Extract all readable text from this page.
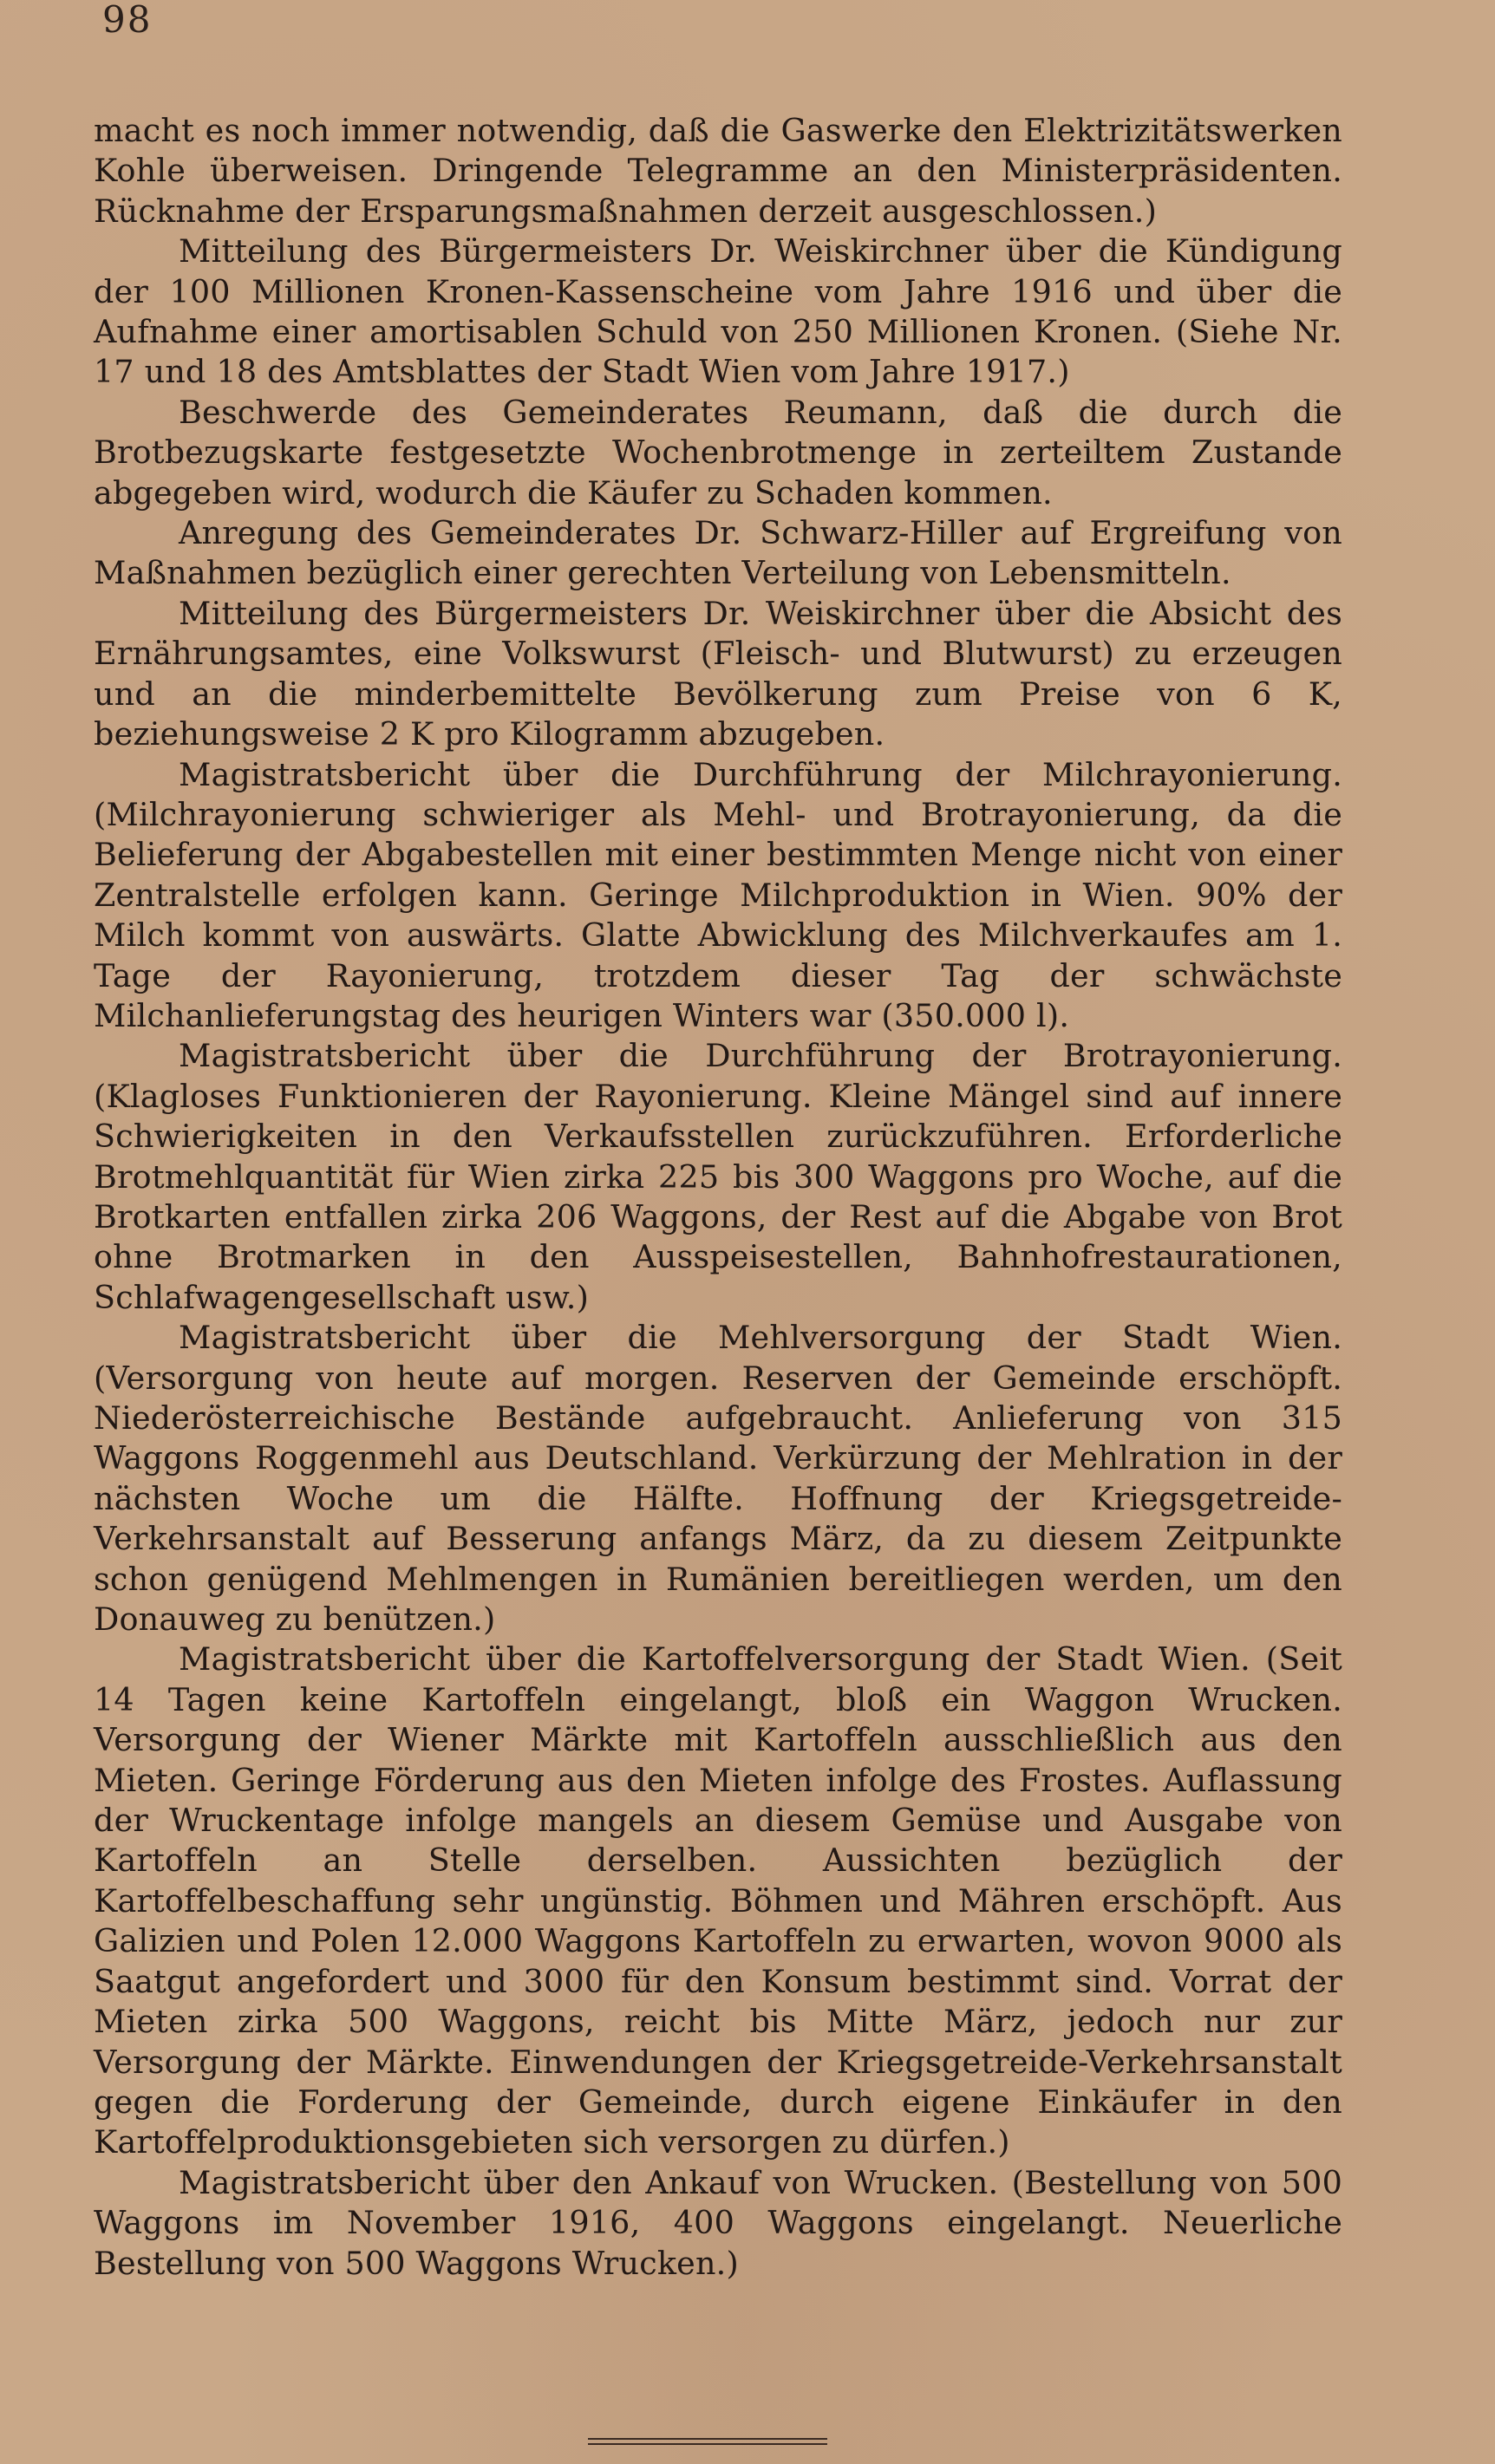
98

macht es noch immer notwendig, daß die Gaswerke den Elektrizitätswerken Kohle überweisen. Dringende Telegramme an den Ministerpräsidenten. Rücknahme der Ersparungsmaßnahmen derzeit ausgeschlossen.)

Mitteilung des Bürgermeisters Dr. Weiskirchner über die Kündigung der 100 Millionen Kronen-Kassenscheine vom Jahre 1916 und über die Aufnahme einer amortisablen Schuld von 250 Millionen Kronen. (Siehe Nr. 17 und 18 des Amtsblattes der Stadt Wien vom Jahre 1917.)

Beschwerde des Gemeinderates Reumann, daß die durch die Brotbezugskarte festgesetzte Wochenbrotmenge in zerteiltem Zustande abgegeben wird, wodurch die Käufer zu Schaden kommen.

Anregung des Gemeinderates Dr. Schwarz-Hiller auf Ergreifung von Maßnahmen bezüglich einer gerechten Verteilung von Lebensmitteln.

Mitteilung des Bürgermeisters Dr. Weiskirchner über die Absicht des Ernährungsamtes, eine Volkswurst (Fleisch- und Blutwurst) zu erzeugen und an die minderbemittelte Bevölkerung zum Preise von 6 K, beziehungsweise 2 K pro Kilogramm abzugeben.

Magistratsbericht über die Durchführung der Milchrayonierung. (Milchrayonierung schwieriger als Mehl- und Brotrayonierung, da die Belieferung der Abgabestellen mit einer bestimmten Menge nicht von einer Zentralstelle erfolgen kann. Geringe Milchproduktion in Wien. 90% der Milch kommt von auswärts. Glatte Abwicklung des Milchverkaufes am 1. Tage der Rayonierung, trotzdem dieser Tag der schwächste Milchanlieferungstag des heurigen Winters war (350.000 l).

Magistratsbericht über die Durchführung der Brotrayonierung. (Klagloses Funktionieren der Rayonierung. Kleine Mängel sind auf innere Schwierigkeiten in den Verkaufsstellen zurückzuführen. Erforderliche Brotmehlquantität für Wien zirka 225 bis 300 Waggons pro Woche, auf die Brotkarten entfallen zirka 206 Waggons, der Rest auf die Abgabe von Brot ohne Brotmarken in den Ausspeisestellen, Bahnhofrestaurationen, Schlafwagengesellschaft usw.)

Magistratsbericht über die Mehlversorgung der Stadt Wien. (Versorgung von heute auf morgen. Reserven der Gemeinde erschöpft. Niederösterreichische Bestände aufgebraucht. Anlieferung von 315 Waggons Roggenmehl aus Deutschland. Verkürzung der Mehlration in der nächsten Woche um die Hälfte. Hoffnung der Kriegsgetreide-Verkehrsanstalt auf Besserung anfangs März, da zu diesem Zeitpunkte schon genügend Mehlmengen in Rumänien bereitliegen werden, um den Donauweg zu benützen.)

Magistratsbericht über die Kartoffelversorgung der Stadt Wien. (Seit 14 Tagen keine Kartoffeln eingelangt, bloß ein Waggon Wrucken. Versorgung der Wiener Märkte mit Kartoffeln ausschließlich aus den Mieten. Geringe Förderung aus den Mieten infolge des Frostes. Auflassung der Wruckentage infolge mangels an diesem Gemüse und Ausgabe von Kartoffeln an Stelle derselben. Aussichten bezüglich der Kartoffelbeschaffung sehr ungünstig. Böhmen und Mähren erschöpft. Aus Galizien und Polen 12.000 Waggons Kartoffeln zu erwarten, wovon 9000 als Saatgut angefordert und 3000 für den Konsum bestimmt sind. Vorrat der Mieten zirka 500 Waggons, reicht bis Mitte März, jedoch nur zur Versorgung der Märkte. Einwendungen der Kriegsgetreide-Verkehrsanstalt gegen die Forderung der Gemeinde, durch eigene Einkäufer in den Kartoffelproduktionsgebieten sich versorgen zu dürfen.)

Magistratsbericht über den Ankauf von Wrucken. (Bestellung von 500 Waggons im November 1916, 400 Waggons eingelangt. Neuerliche Bestellung von 500 Waggons Wrucken.)
